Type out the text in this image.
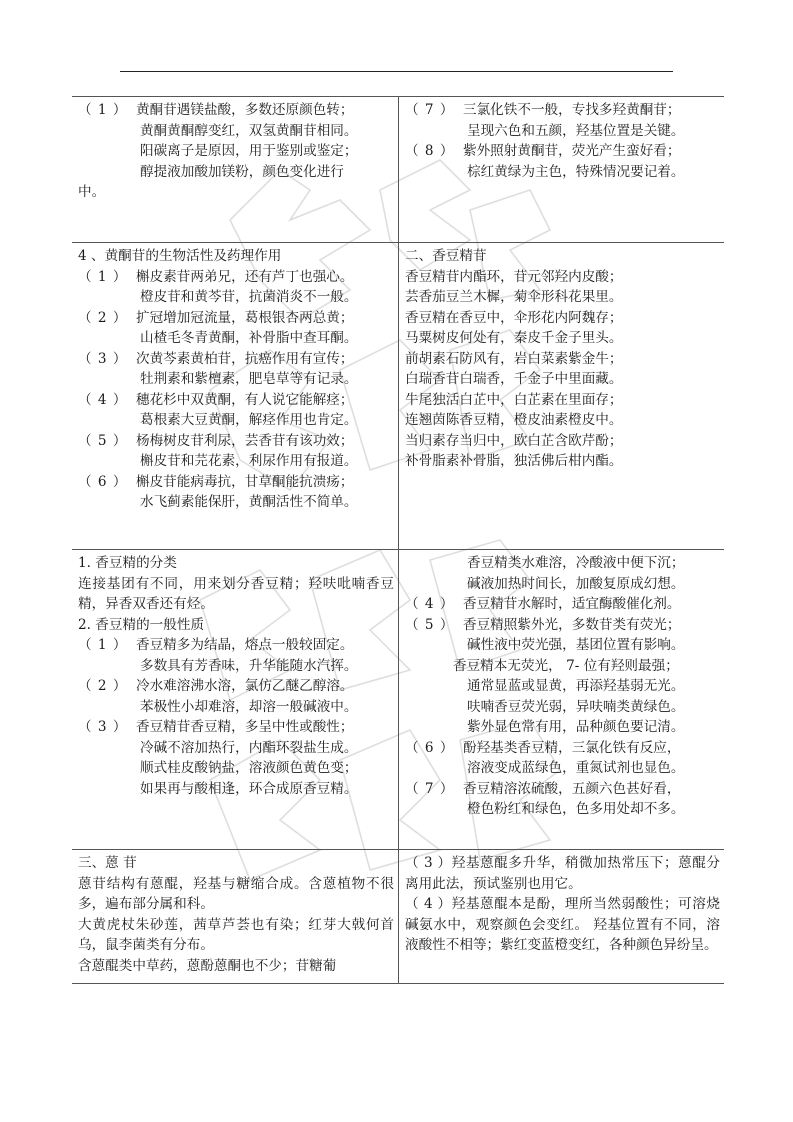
（ 1 ） 黄酮苷遇镁盐酸，多数还原颜色转；
黄酮黄酮醇变红，双氢黄酮苷相同。
阳碳离子是原因，用于鉴别或鉴定；
醇提液加酸加镁粉，颜色变化进行
中。

（ 7 ） 三氯化铁不一般，专找多羟黄酮苷；
呈现六色和五颜，羟基位置是关键。
（ 8 ） 紫外照射黄酮苷，荧光产生蛮好看；
棕红黄绿为主色，特殊情况要记着。

4 、黄酮苷的生物活性及药理作用
（ 1 ） 槲皮素苷两弟兄，还有芦丁也强心。
橙皮苷和黄芩苷，抗菌消炎不一般。
（ 2 ） 扩冠增加冠流量，葛根银杏两总黄；
山楂毛冬青黄酮，补骨脂中查耳酮。
（ 3 ） 次黄芩素黄柏苷，抗癌作用有宣传；
牡荆素和紫檀素，肥皂草等有记录。
（ 4 ） 穗花杉中双黄酮，有人说它能解痉；
葛根素大豆黄酮，解痉作用也肯定。
（ 5 ） 杨梅树皮苷利尿，芸香苷有该功效；
槲皮苷和芫花素，利尿作用有报道。
（ 6 ） 槲皮苷能病毒抗，甘草酮能抗溃疡；
水飞蓟素能保肝，黄酮活性不简单。

二、香豆精苷
香豆精苷内酯环，苷元邻羟内皮酸；
芸香茄豆兰木樨，菊伞形科花果里。
香豆精在香豆中，伞形花内阿魏存；
马粟树皮何处有，秦皮千金子里头。
前胡素石防风有，岩白菜素紫金牛；
白瑞香苷白瑞香，千金子中里面藏。
牛尾独活白芷中，白芷素在里面存；
连翘茵陈香豆精，橙皮油素橙皮中。
当归素存当归中，欧白芷含欧芹酚；
补骨脂素补骨脂，独活佛后柑内酯。

1. 香豆精的分类
连接基团有不同，用来划分香豆精；羟呋吡喃香豆精，异香双香还有烃。
2. 香豆精的一般性质
（ 1 ） 香豆精多为结晶，熔点一般较固定。
多数具有芳香味，升华能随水汽挥。
（ 2 ） 冷水难溶沸水溶，氯仿乙醚乙醇溶。
苯极性小却难溶，却溶一般碱液中。
（ 3 ） 香豆精苷香豆精，多呈中性或酸性；
冷碱不溶加热行，内酯环裂盐生成。
顺式桂皮酸钠盐，溶液颜色黄色变；
如果再与酸相逢，环合成原香豆精。

香豆精类水难溶，冷酸液中便下沉；
碱液加热时间长，加酸复原成幻想。
（ 4 ） 香豆精苷水解时，适宜酶酸催化剂。
（ 5 ） 香豆精照紫外光，多数苷类有荧光；
碱性液中荧光强，基团位置有影响。
香豆精本无荧光， 7- 位有羟则最强；
通常显蓝或显黄，再添羟基弱无光。
呋喃香豆荧光弱，异呋喃类黄绿色。
紫外显色常有用，品种颜色要记清。
（ 6 ） 酚羟基类香豆精，三氯化铁有反应，
溶液变成蓝绿色，重氮试剂也显色。
（ 7 ） 香豆精溶浓硫酸，五颜六色甚好看，
橙色粉红和绿色，色多用处却不多。

三、蒽 苷
蒽苷结构有蒽醌，羟基与糖缩合成。含蒽植物不很多，遍布部分属和科。
大黄虎杖朱砂莲，茜草芦荟也有染；红芽大戟何首乌，鼠李菌类有分布。
含蒽醌类中草药，蒽酚蒽酮也不少；苷糖葡

（ 3 ）羟基蒽醌多升华，稍微加热常压下；蒽醌分离用此法，预试鉴别也用它。
（ 4 ）羟基蒽醌本是酚，理所当然弱酸性；可溶烧碱氨水中，观察颜色会变红。 羟基位置有不同，溶液酸性不相等；紫红变蓝橙变红，各种颜色异纷呈。
